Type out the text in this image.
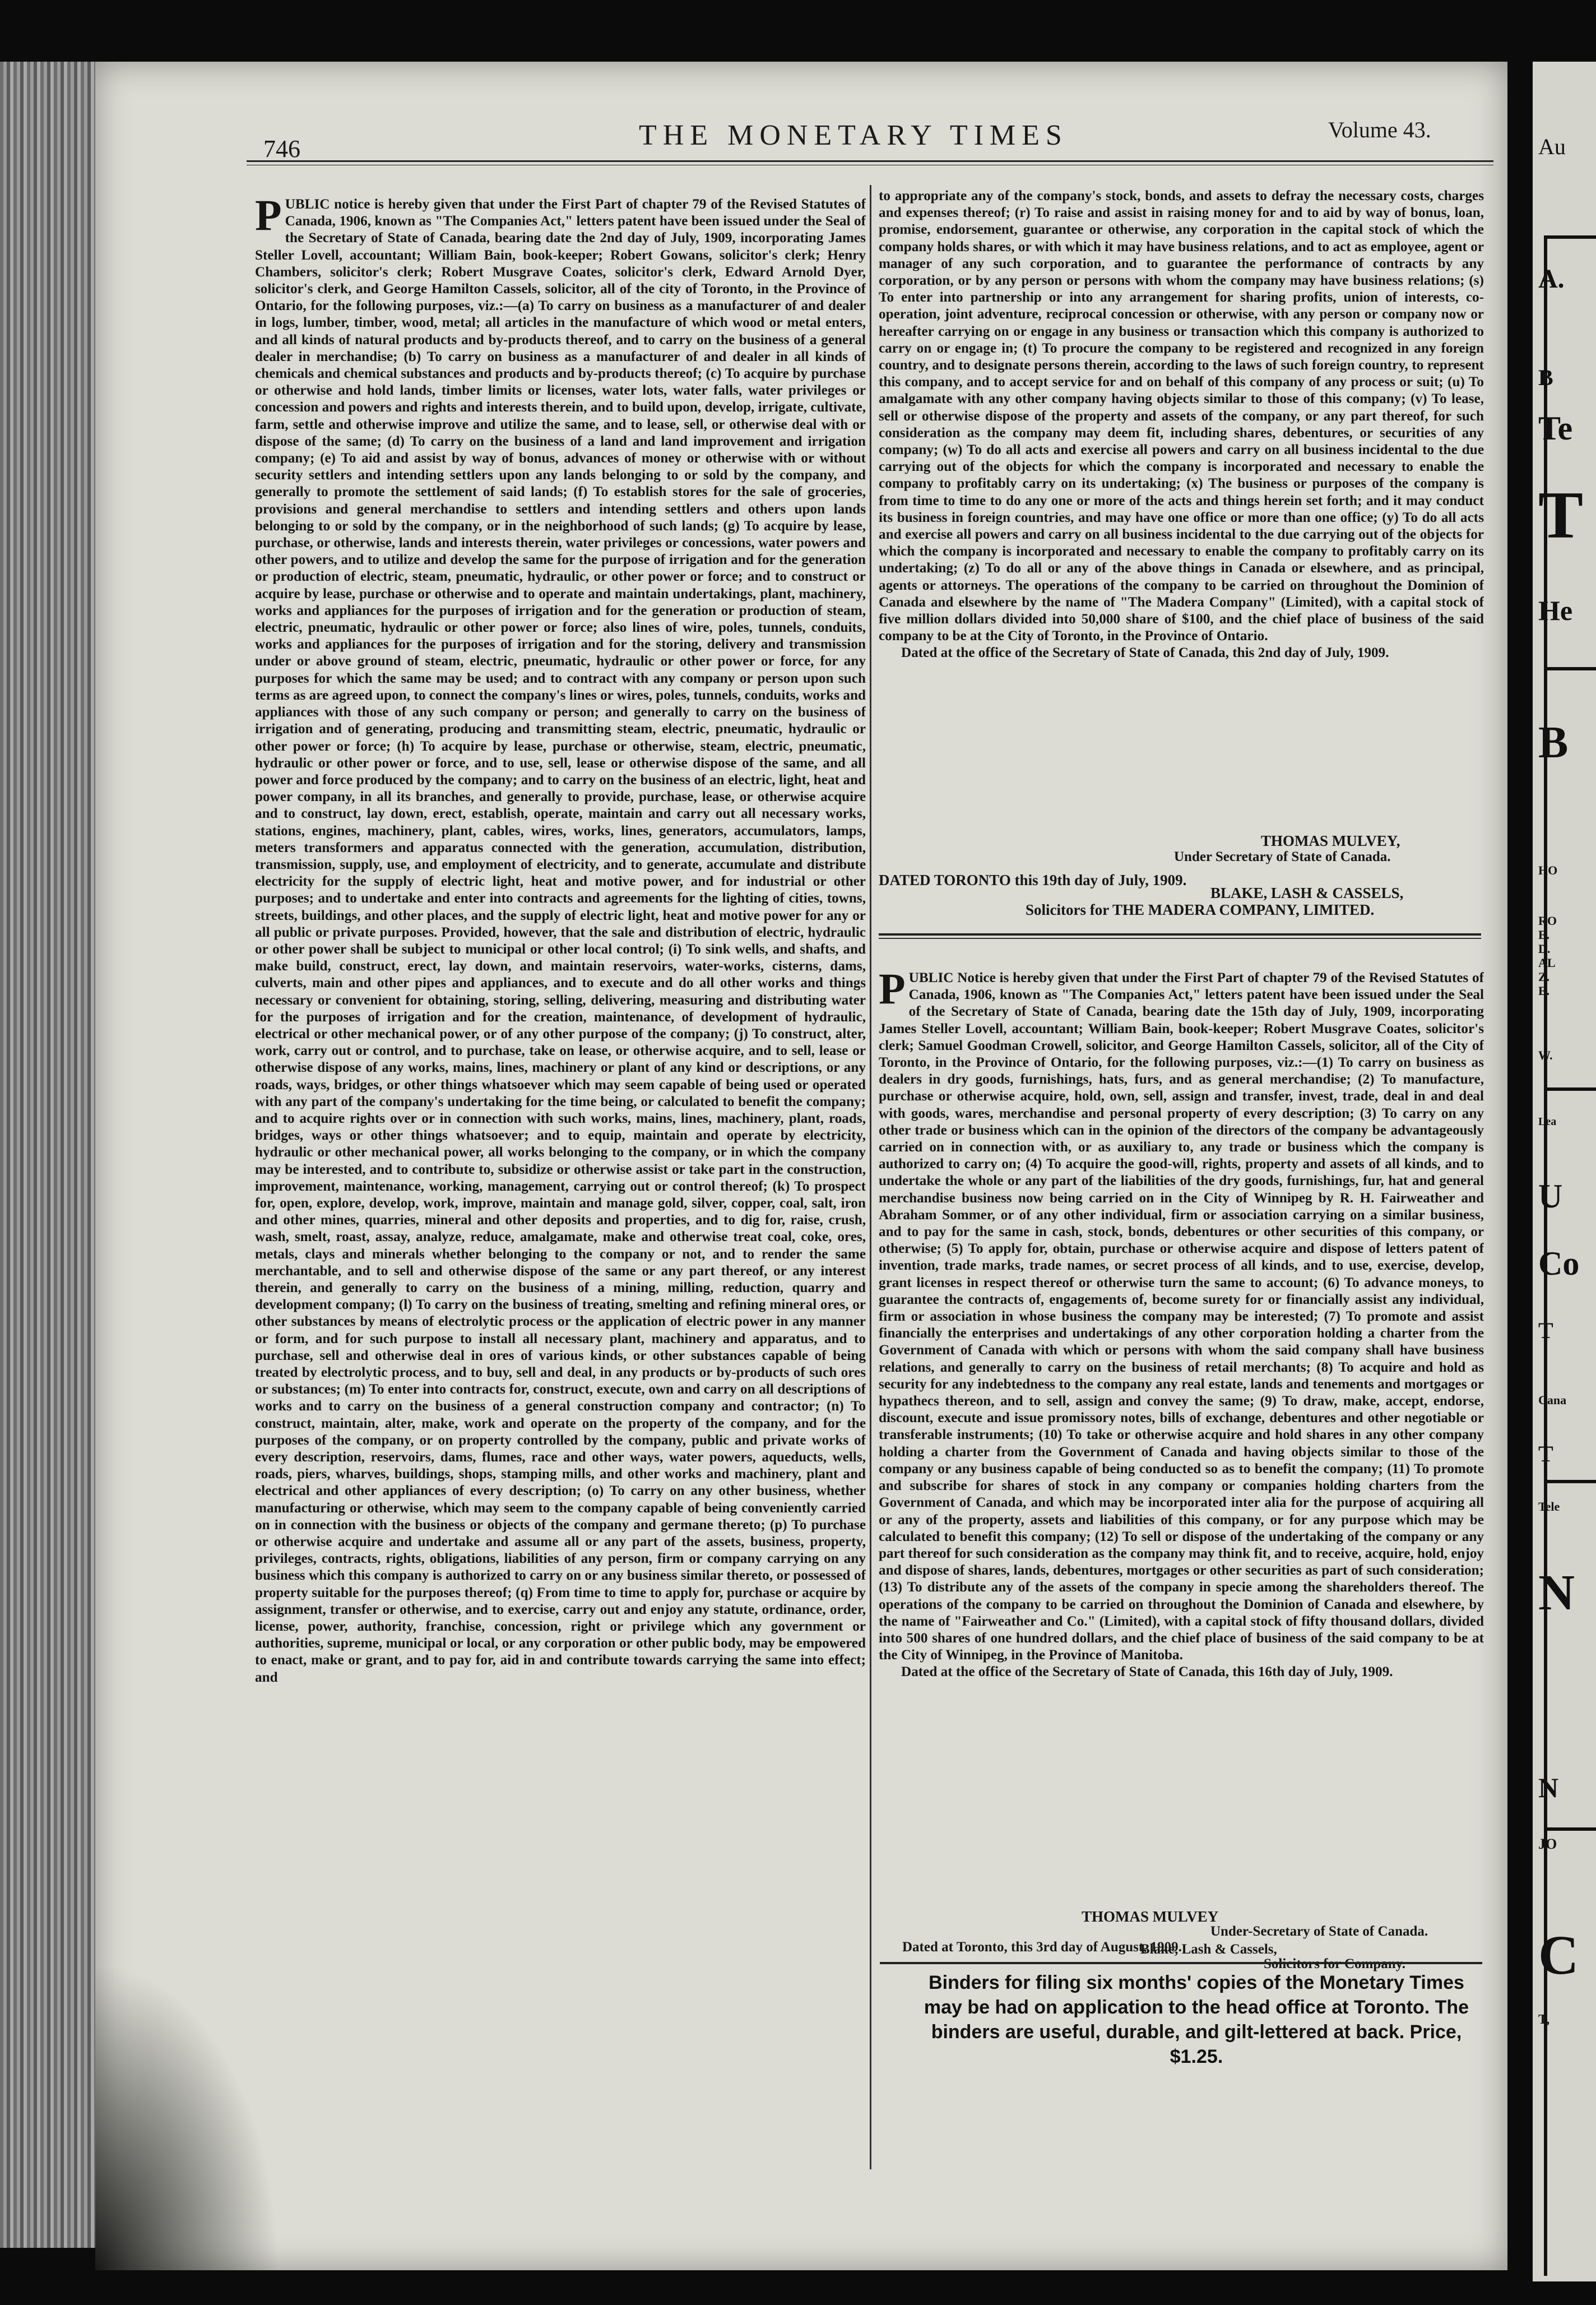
Au
A.
B
Te
T
He
B
HO
RO
E.
D.
AL
Z.
E.
W.
Lea
U
Co
T
Cana
T
Tele
N
N
JO
C
T,
746	THE MONETARY TIMES	Volume 43.

PUBLIC notice is hereby given that under the First Part of chapter 79 of the Revised Statutes of Canada, 1906, known as "The Companies Act," letters patent have been issued under the Seal of the Secretary of State of Canada, bearing date the 2nd day of July, 1909, incorporating James Steller Lovell, accountant; William Bain, book-keeper; Robert Gowans, solicitor's clerk; Henry Chambers, solicitor's clerk; Robert Musgrave Coates, solicitor's clerk, Edward Arnold Dyer, solicitor's clerk, and George Hamilton Cassels, solicitor, all of the city of Toronto, in the Province of Ontario, for the following purposes, viz.:—(a) To carry on business as a manufacturer of and dealer in logs, lumber, timber, wood, metal; all articles in the manufacture of which wood or metal enters, and all kinds of natural products and by-products thereof, and to carry on the business of a general dealer in merchandise; (b) To carry on business as a manufacturer of and dealer in all kinds of chemicals and chemical substances and products and by-products thereof; (c) To acquire by purchase or otherwise and hold lands, timber limits or licenses, water lots, water falls, water privileges or concession and powers and rights and interests therein, and to build upon, develop, irrigate, cultivate, farm, settle and otherwise improve and utilize the same, and to lease, sell, or otherwise deal with or dispose of the same; (d) To carry on the business of a land and land improvement and irrigation company; (e) To aid and assist by way of bonus, advances of money or otherwise with or without security settlers and intending settlers upon any lands belonging to or sold by the company, and generally to promote the settlement of said lands; (f) To establish stores for the sale of groceries, provisions and general merchandise to settlers and intending settlers and others upon lands belonging to or sold by the company, or in the neighborhood of such lands; (g) To acquire by lease, purchase, or otherwise, lands and interests therein, water privileges or concessions, water powers and other powers, and to utilize and develop the same for the purpose of irrigation and for the generation or production of electric, steam, pneumatic, hydraulic, or other power or force; and to construct or acquire by lease, purchase or otherwise and to operate and maintain undertakings, plant, machinery, works and appliances for the purposes of irrigation and for the generation or production of steam, electric, pneumatic, hydraulic or other power or force; also lines of wire, poles, tunnels, conduits, works and appliances for the purposes of irrigation and for the storing, delivery and transmission under or above ground of steam, electric, pneumatic, hydraulic or other power or force, for any purposes for which the same may be used; and to contract with any company or person upon such terms as are agreed upon, to connect the company's lines or wires, poles, tunnels, conduits, works and appliances with those of any such company or person; and generally to carry on the business of irrigation and of generating, producing and transmitting steam, electric, pneumatic, hydraulic or other power or force; (h) To acquire by lease, purchase or otherwise, steam, electric, pneumatic, hydraulic or other power or force, and to use, sell, lease or otherwise dispose of the same, and all power and force produced by the company; and to carry on the business of an electric, light, heat and power company, in all its branches, and generally to provide, purchase, lease, or otherwise acquire and to construct, lay down, erect, establish, operate, maintain and carry out all necessary works, stations, engines, machinery, plant, cables, wires, works, lines, generators, accumulators, lamps, meters transformers and apparatus connected with the generation, accumulation, distribution, transmission, supply, use, and employment of electricity, and to generate, accumulate and distribute electricity for the supply of electric light, heat and motive power, and for industrial or other purposes; and to undertake and enter into contracts and agreements for the lighting of cities, towns, streets, buildings, and other places, and the supply of electric light, heat and motive power for any or all public or private purposes. Provided, however, that the sale and distribution of electric, hydraulic or other power shall be subject to municipal or other local control; (i) To sink wells, and shafts, and make build, construct, erect, lay down, and maintain reservoirs, water-works, cisterns, dams, culverts, main and other pipes and appliances, and to execute and do all other works and things necessary or convenient for obtaining, storing, selling, delivering, measuring and distributing water for the purposes of irrigation and for the creation, maintenance, of development of hydraulic, electrical or other mechanical power, or of any other purpose of the company; (j) To construct, alter, work, carry out or control, and to purchase, take on lease, or otherwise acquire, and to sell, lease or otherwise dispose of any works, mains, lines, machinery or plant of any kind or descriptions, or any roads, ways, bridges, or other things whatsoever which may seem capable of being used or operated with any part of the company's undertaking for the time being, or calculated to benefit the company; and to acquire rights over or in connection with such works, mains, lines, machinery, plant, roads, bridges, ways or other things whatsoever; and to equip, maintain and operate by electricity, hydraulic or other mechanical power, all works belonging to the company, or in which the company may be interested, and to contribute to, subsidize or otherwise assist or take part in the construction, improvement, maintenance, working, management, carrying out or control thereof; (k) To prospect for, open, explore, develop, work, improve, maintain and manage gold, silver, copper, coal, salt, iron and other mines, quarries, mineral and other deposits and properties, and to dig for, raise, crush, wash, smelt, roast, assay, analyze, reduce, amalgamate, make and otherwise treat coal, coke, ores, metals, clays and minerals whether belonging to the company or not, and to render the same merchantable, and to sell and otherwise dispose of the same or any part thereof, or any interest therein, and generally to carry on the business of a mining, milling, reduction, quarry and development company; (l) To carry on the business of treating, smelting and refining mineral ores, or other substances by means of electrolytic process or the application of electric power in any manner or form, and for such purpose to install all necessary plant, machinery and apparatus, and to purchase, sell and otherwise deal in ores of various kinds, or other substances capable of being treated by electrolytic process, and to buy, sell and deal, in any products or by-products of such ores or substances; (m) To enter into contracts for, construct, execute, own and carry on all descriptions of works and to carry on the business of a general construction company and contractor; (n) To construct, maintain, alter, make, work and operate on the property of the company, and for the purposes of the company, or on property controlled by the company, public and private works of every description, reservoirs, dams, flumes, race and other ways, water powers, aqueducts, wells, roads, piers, wharves, buildings, shops, stamping mills, and other works and machinery, plant and electrical and other appliances of every description; (o) To carry on any other business, whether manufacturing or otherwise, which may seem to the company capable of being conveniently carried on in connection with the business or objects of the company and germane thereto; (p) To purchase or otherwise acquire and undertake and assume all or any part of the assets, business, property, privileges, contracts, rights, obligations, liabilities of any person, firm or company carrying on any business which this company is authorized to carry on or any business similar thereto, or possessed of property suitable for the purposes thereof; (q) From time to time to apply for, purchase or acquire by assignment, transfer or otherwise, and to exercise, carry out and enjoy any statute, ordinance, order, license, power, authority, franchise, concession, right or privilege which any government or authorities, supreme, municipal or local, or any corporation or other public body, may be empowered to enact, make or grant, and to pay for, aid in and contribute towards carrying the same into effect; and

to appropriate any of the company's stock, bonds, and assets to defray the necessary costs, charges and expenses thereof; (r) To raise and assist in raising money for and to aid by way of bonus, loan, promise, endorsement, guarantee or otherwise, any corporation in the capital stock of which the company holds shares, or with which it may have business relations, and to act as employee, agent or manager of any such corporation, and to guarantee the performance of contracts by any corporation, or by any person or persons with whom the company may have business relations; (s) To enter into partnership or into any arrangement for sharing profits, union of interests, co-operation, joint adventure, reciprocal concession or otherwise, with any person or company now or hereafter carrying on or engage in any business or transaction which this company is authorized to carry on or engage in; (t) To procure the company to be registered and recognized in any foreign country, and to designate persons therein, according to the laws of such foreign country, to represent this company, and to accept service for and on behalf of this company of any process or suit; (u) To amalgamate with any other company having objects similar to those of this company; (v) To lease, sell or otherwise dispose of the property and assets of the company, or any part thereof, for such consideration as the company may deem fit, including shares, debentures, or securities of any company; (w) To do all acts and exercise all powers and carry on all business incidental to the due carrying out of the objects for which the company is incorporated and necessary to enable the company to profitably carry on its undertaking; (x) The business or purposes of the company is from time to time to do any one or more of the acts and things herein set forth; and it may conduct its business in foreign countries, and may have one office or more than one office; (y) To do all acts and exercise all powers and carry on all business incidental to the due carrying out of the objects for which the company is incorporated and necessary to enable the company to profitably carry on its undertaking; (z) To do all or any of the above things in Canada or elsewhere, and as principal, agents or attorneys. The operations of the company to be carried on throughout the Dominion of Canada and elsewhere by the name of "The Madera Company" (Limited), with a capital stock of five million dollars divided into 50,000 share of $100, and the chief place of business of the said company to be at the City of Toronto, in the Province of Ontario.

Dated at the office of the Secretary of State of Canada, this 2nd day of July, 1909.

THOMAS MULVEY,
Under Secretary of State of Canada.
DATED TORONTO this 19th day of July, 1909.
BLAKE, LASH & CASSELS,
Solicitors for THE MADERA COMPANY, LIMITED.

PUBLIC Notice is hereby given that under the First Part of chapter 79 of the Revised Statutes of Canada, 1906, known as "The Companies Act," letters patent have been issued under the Seal of the Secretary of State of Canada, bearing date the 15th day of July, 1909, incorporating James Steller Lovell, accountant; William Bain, book-keeper; Robert Musgrave Coates, solicitor's clerk; Samuel Goodman Crowell, solicitor, and George Hamilton Cassels, solicitor, all of the City of Toronto, in the Province of Ontario, for the following purposes, viz.:—(1) To carry on business as dealers in dry goods, furnishings, hats, furs, and as general merchandise; (2) To manufacture, purchase or otherwise acquire, hold, own, sell, assign and transfer, invest, trade, deal in and deal with goods, wares, merchandise and personal property of every description; (3) To carry on any other trade or business which can in the opinion of the directors of the company be advantageously carried on in connection with, or as auxiliary to, any trade or business which the company is authorized to carry on; (4) To acquire the good-will, rights, property and assets of all kinds, and to undertake the whole or any part of the liabilities of the dry goods, furnishings, fur, hat and general merchandise business now being carried on in the City of Winnipeg by R. H. Fairweather and Abraham Sommer, or of any other individual, firm or association carrying on a similar business, and to pay for the same in cash, stock, bonds, debentures or other securities of this company, or otherwise; (5) To apply for, obtain, purchase or otherwise acquire and dispose of letters patent of invention, trade marks, trade names, or secret process of all kinds, and to use, exercise, develop, grant licenses in respect thereof or otherwise turn the same to account; (6) To advance moneys, to guarantee the contracts of, engagements of, become surety for or financially assist any individual, firm or association in whose business the company may be interested; (7) To promote and assist financially the enterprises and undertakings of any other corporation holding a charter from the Government of Canada with which or persons with whom the said company shall have business relations, and generally to carry on the business of retail merchants; (8) To acquire and hold as security for any indebtedness to the company any real estate, lands and tenements and mortgages or hypathecs thereon, and to sell, assign and convey the same; (9) To draw, make, accept, endorse, discount, execute and issue promissory notes, bills of exchange, debentures and other negotiable or transferable instruments; (10) To take or otherwise acquire and hold shares in any other company holding a charter from the Government of Canada and having objects similar to those of the company or any business capable of being conducted so as to benefit the company; (11) To promote and subscribe for shares of stock in any company or companies holding charters from the Government of Canada, and which may be incorporated inter alia for the purpose of acquiring all or any of the property, assets and liabilities of this company, or for any purpose which may be calculated to benefit this company; (12) To sell or dispose of the undertaking of the company or any part thereof for such consideration as the company may think fit, and to receive, acquire, hold, enjoy and dispose of shares, lands, debentures, mortgages or other securities as part of such consideration; (13) To distribute any of the assets of the company in specie among the shareholders thereof. The operations of the company to be carried on throughout the Dominion of Canada and elsewhere, by the name of "Fairweather and Co." (Limited), with a capital stock of fifty thousand dollars, divided into 500 shares of one hundred dollars, and the chief place of business of the said company to be at the City of Winnipeg, in the Province of Manitoba.

Dated at the office of the Secretary of State of Canada, this 16th day of July, 1909.

THOMAS MULVEY
Under-Secretary of State of Canada.
Dated at Toronto, this 3rd day of August, 1909.
Blake, Lash & Cassels,
Solicitors for Company.
Binders for filing six months' copies of the Monetary Times may be had on application to the head office at Toronto. The binders are useful, durable, and gilt-lettered at back. Price, $1.25.
